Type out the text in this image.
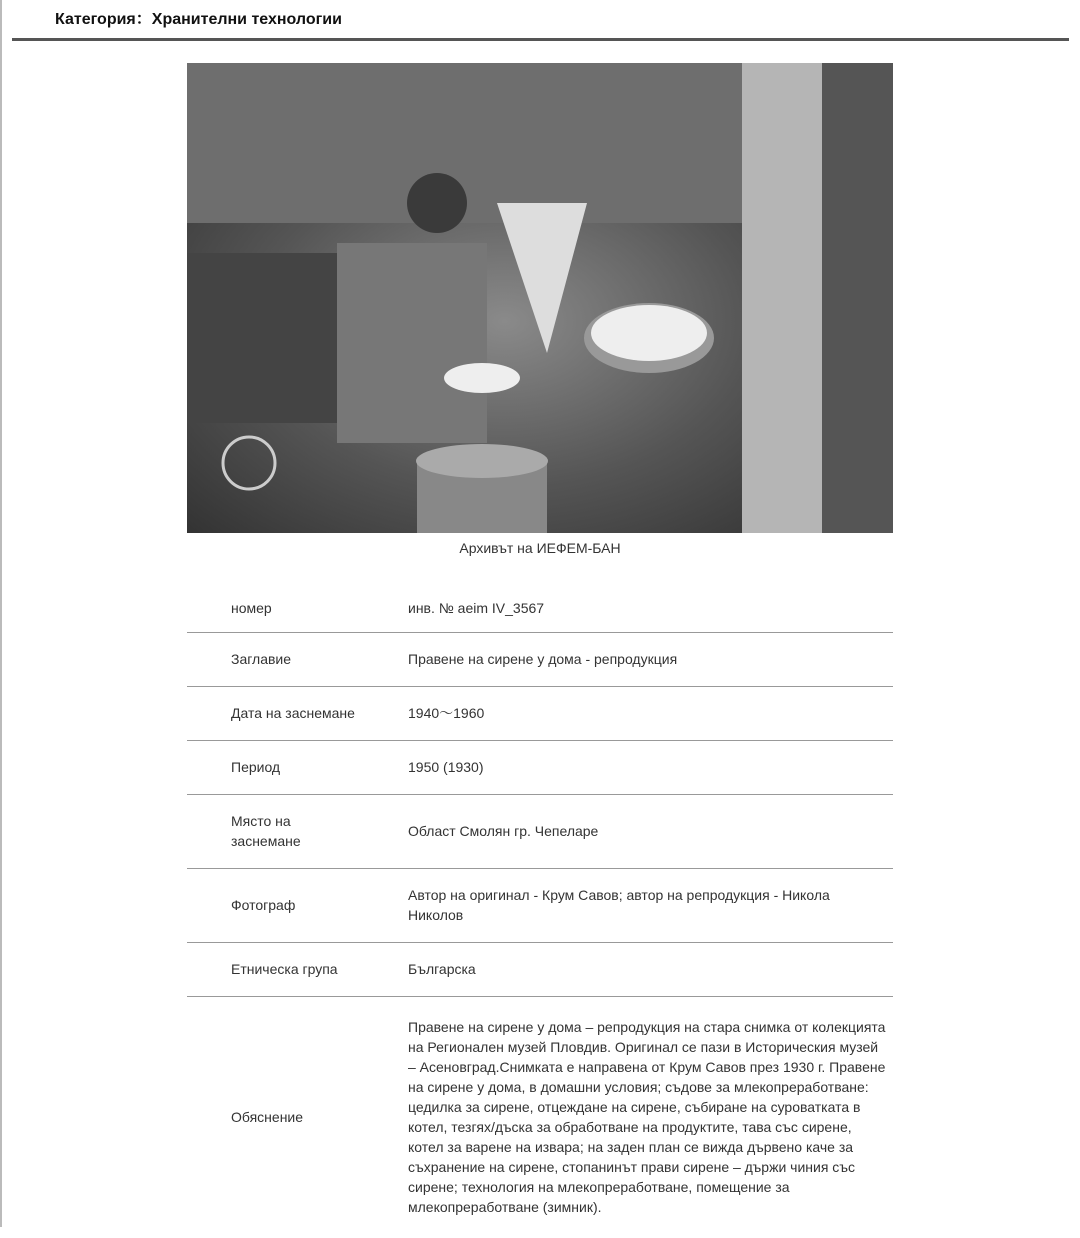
Категория：Хранителни технологии
Архивът на ИЕФЕМ-БАН
номер	инв. № aeim IV_3567
Заглавие	Правене на сирене у дома - репродукция
Дата на заснемане	1940～1960
Период	1950 (1930)
Място на заснемане	Област Смолян гр. Чепеларе
Фотограф	Автор на оригинал - Крум Савов; автор на репродукция - Никола Николов
Етническа група	Българска
Обяснение	Правене на сирене у дома – репродукция на стара снимка от колекцията на Регионален музей Пловдив. Оригинал се пази в Историческия музей – Асеновград.Снимката е направена от Крум Савов през 1930 г. Правене на сирене у дома, в домашни условия; съдове за млекопреработване: цедилка за сирене, отцеждане на сирене, събиране на суроватката в котел, тезгях/дъска за обработване на продуктите, тава със сирене, котел за варене на извара; на заден план се вижда дървено каче за съхранение на сирене, стопанинът прави сирене – държи чиния със сирене; технология на млекопреработване, помещение за млекопреработване (зимник).
